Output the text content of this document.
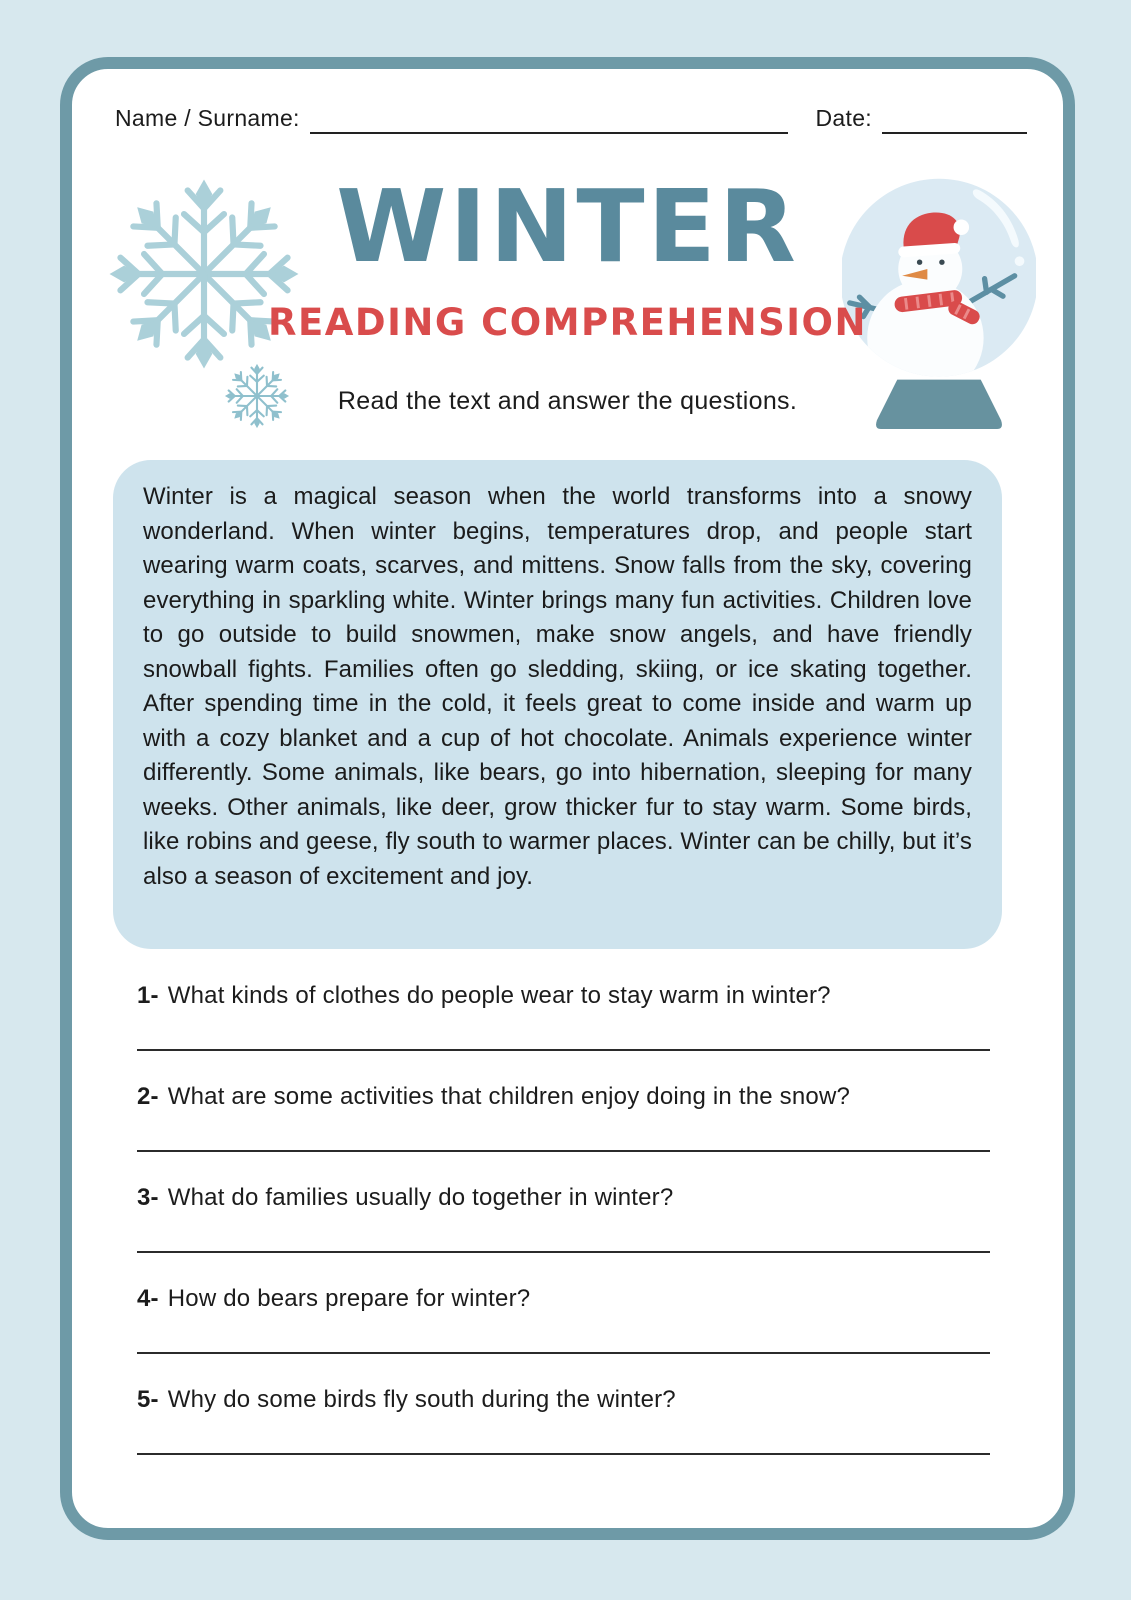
Name / Surname:	Date:
WINTER
READING COMPREHENSION

Read the text and answer the questions.

Winter is a magical season when the world transforms into a snowy wonderland. When winter begins, temperatures drop, and people start wearing warm coats, scarves, and mittens. Snow falls from the sky, covering everything in sparkling white. Winter brings many fun activities. Children love to go outside to build snowmen, make snow angels, and have friendly snowball fights. Families often go sledding, skiing, or ice skating together. After spending time in the cold, it feels great to come inside and warm up with a cozy blanket and a cup of hot chocolate. Animals experience winter differently. Some animals, like bears, go into hibernation, sleeping for many weeks. Other animals, like deer, grow thicker fur to stay warm. Some birds, like robins and geese, fly south to warmer places. Winter can be chilly, but it’s also a season of excitement and joy.

1- What kinds of clothes do people wear to stay warm in winter?

2- What are some activities that children enjoy doing in the snow?

3- What do families usually do together in winter?

4- How do bears prepare for winter?

5- Why do some birds fly south during the winter?
